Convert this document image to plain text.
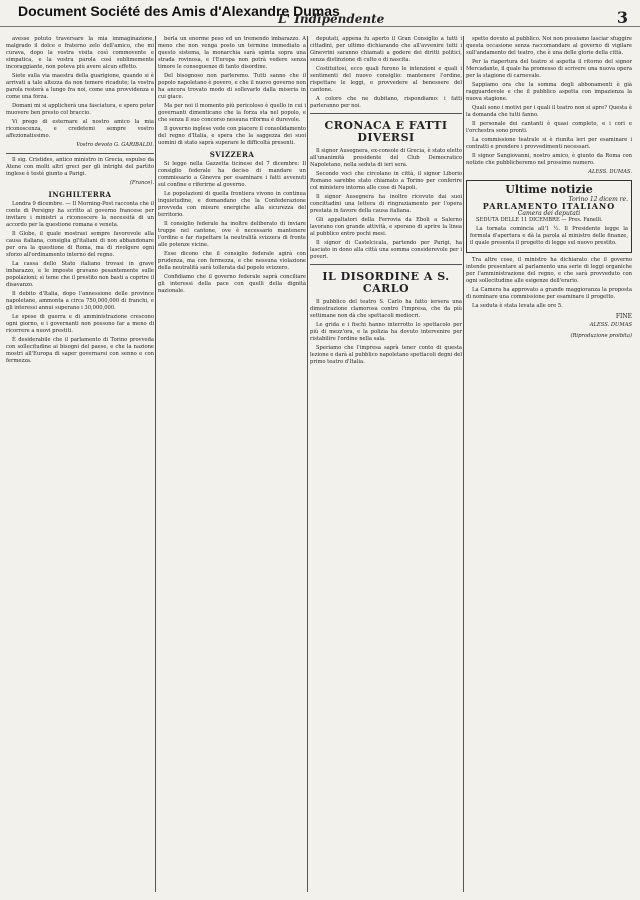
Document Société des Amis d'Alexandre Dumas
L' Indipendente	3

avesse potuto traversare la mia immaginazione, malgrado il dolce e fraterno zelo dell'amico, che mi curava, dopo la vostra visita così commovente e simpatica, e la vostra parola così sublimemente incoraggiante, non poteva più avere alcun effetto.

Siete sulla via maestra della guarigione, quando si è arrivati a tale altezza da non temere ricadute; la vostra parola resterà a lungo fra noi, come una provvidenza e come una forza.

Domani mi si applicherà una fasciatura, e spero poter muovere ben presto col braccio.

Vi prego di esternare al nostro amico la mia riconoscenza, e credetemi sempre vostro affezionatissimo.

Vostro devoto G. GARIBALDI.

Il sig. Cristides, antico ministro in Grecia, espulso da Atene con molti altri greci per gli intrighi del partito inglese è testé giunto a Parigi.

(France).
INGHILTERRA

Londra 9 dicembre. — Il Morning-Post racconta che il conte di Persigny ha scritto al governo francese per invitare i ministri a riconoscere la necessità di un accordo per la questione romana e veneta.

Il Globe, il quale mostrasi sempre favorevole alla causa italiana, consiglia gl'italiani di non abbandonare per ora la questione di Roma, ma di rivolgere ogni sforzo all'ordinamento interno del regno.

La cassa dello Stato italiano trovasi in grave imbarazzo, e le imposte gravano pesantemente sulle popolazioni; si teme che il prestito non basti a coprire il disavanzo.

Il debito d'Italia, dopo l'annessione delle province napoletane, ammonta a circa 750,000,000 di franchi, e gli interessi annui superano i 30,000,000.

Le spese di guerra e di amministrazione crescono ogni giorno, e i governanti non possono far a meno di ricorrere a nuovi prestiti.

È desiderabile che il parlamento di Torino provveda con sollecitudine ai bisogni del paese, e che la nazione mostri all'Europa di saper governarsi con senno e con fermezza.

berla un enorme peso ed un tremendo imbarazzo. A meno che non venga posto un termine immediato a questo sistema, la monarchia sarà spinta sopra una strada rovinosa, e l'Europa non potrà vedere senza timore le conseguenze di tanto disordine.

Del bisognoso non parleremo. Tutti sanno che il popolo napoletano è povero, e che il nuovo governo non ha ancora trovato modo di sollevarlo dalla miseria in cui giace.

Ma per noi il momento più pericoloso è quello in cui i governanti dimenticano che la forza sta nel popolo, e che senza il suo concorso nessuna riforma è durevole.

Il governo inglese vede con piacere il consolidamento del regno d'Italia, e spera che la saggezza dei suoi uomini di stato saprà superare le difficoltà presenti.

SVIZZERA

Si legge nella Gazzetta ticinese del 7 dicembre: Il consiglio federale ha deciso di mandare un commissario a Ginevra per esaminare i fatti avvenuti sul confine e riferirne al governo.

Le popolazioni di quella frontiera vivono in continua inquietudine, e domandano che la Confederazione provveda con misure energiche alla sicurezza del territorio.

Il consiglio federale ha inoltre deliberato di inviare truppe nel cantone, ove è necessario mantenere l'ordine e far rispettare la neutralità svizzera di fronte alle potenze vicine.

Esse dicono che il consiglio federale agirà con prudenza, ma con fermezza, e che nessuna violazione della neutralità sarà tollerata dal popolo svizzero.

Confidiamo che il governo federale saprà conciliare gli interessi della pace con quelli della dignità nazionale.

deputati, appena fu aperto il Gran Consiglio a tutti i cittadini, per ultimo dichiarando che all'avvenire tutti i Ginevrini saranno chiamati a godere dei diritti politici, senza distinzione di culto o di nascita.

Costituitosi, ecco quali furono le intenzioni e quali i sentimenti del nuovo consiglio: mantenere l'ordine, rispettare le leggi, e provvedere al benessere del cantone.

A coloro che ne dubitano, rispondiamo: i fatti parleranno per noi.

CRONACA E FATTI DIVERSI

Il signor Ausegnera, ex-console di Grecia, è stato eletto all'unanimità presidente del Club Democratico Napoletano, nella seduta di ieri sera.

Secondo voci che circolano in città, il signor Liborio Romano sarebbe stato chiamato a Torino per conferire col ministero intorno alle cose di Napoli.

Il signor Ausegnera ha inoltre ricevuto dai suoi concittadini una lettera di ringraziamento per l'opera prestata in favore della causa italiana.

Gli appaltatori della Ferrovia da Eboli a Salerno lavorano con grande attività, e sperano di aprire la linea al pubblico entro pochi mesi.

Il signor di Castelcicala, partendo per Parigi, ha lasciato in dono alla città una somma considerevole per i poveri.

IL DISORDINE A S. CARLO

Il pubblico del teatro S. Carlo ha fatto iersera una dimostrazione clamorosa contro l'impresa, che da più settimane non dà che spettacoli mediocri.

Le grida e i fischi hanno interrotto lo spettacolo per più di mezz'ora, e la polizia ha dovuto intervenire per ristabilire l'ordine nella sala.

Speriamo che l'impresa saprà tener conto di questa lezione e darà al pubblico napoletano spettacoli degni del primo teatro d'Italia.

spetto dovuto al pubblico. Noi non possiamo lasciar sfuggire questa occasione senza raccomandare al governo di vigilare sull'andamento del teatro, che è una delle glorie della città.

Per la riapertura del teatro si aspetta il ritorno del signor Mercadante, il quale ha promesso di scrivere una nuova opera per la stagione di carnevale.

Sappiamo ora che la somma degli abbonamenti è già ragguardevole e che il pubblico aspetta con impazienza la nuova stagione.

Quali sono i motivi per i quali il teatro non si apre? Questa è la domanda che tutti fanno.

Il personale dei cantanti è quasi completo, e i cori e l'orchestra sono pronti.

La commissione teatrale si è riunita ieri per esaminare i contratti e prendere i provvedimenti necessari.

Il signor Sangiovanni, nostro amico, è giunto da Roma con notizie che pubblicheremo nel prossimo numero.

ALESS. DUMAS.
Ultime notizie
Torino 12 dicem re.
PARLAMENTO ITALIANO
Camera dei deputati

SEDUTA DELLE 11 DICEMBRE — Pres. Fanelli.

La tornata comincia all'1 ½. Il Presidente legge la formula d'apertura e dà la parola al ministro delle finanze, il quale presenta il progetto di legge sul nuovo prestito.

Tra altre cose, il ministro ha dichiarato che il governo intende presentare al parlamento una serie di leggi organiche per l'amministrazione del regno, e che sarà provveduto con ogni sollecitudine alle esigenze dell'erario.

La Camera ha approvato a grande maggioranza la proposta di nominare una commissione per esaminare il progetto.

La seduta è stata levata alle ore 5.

FINE
ALESS. DUMAS
(Riproduzione proibita)
